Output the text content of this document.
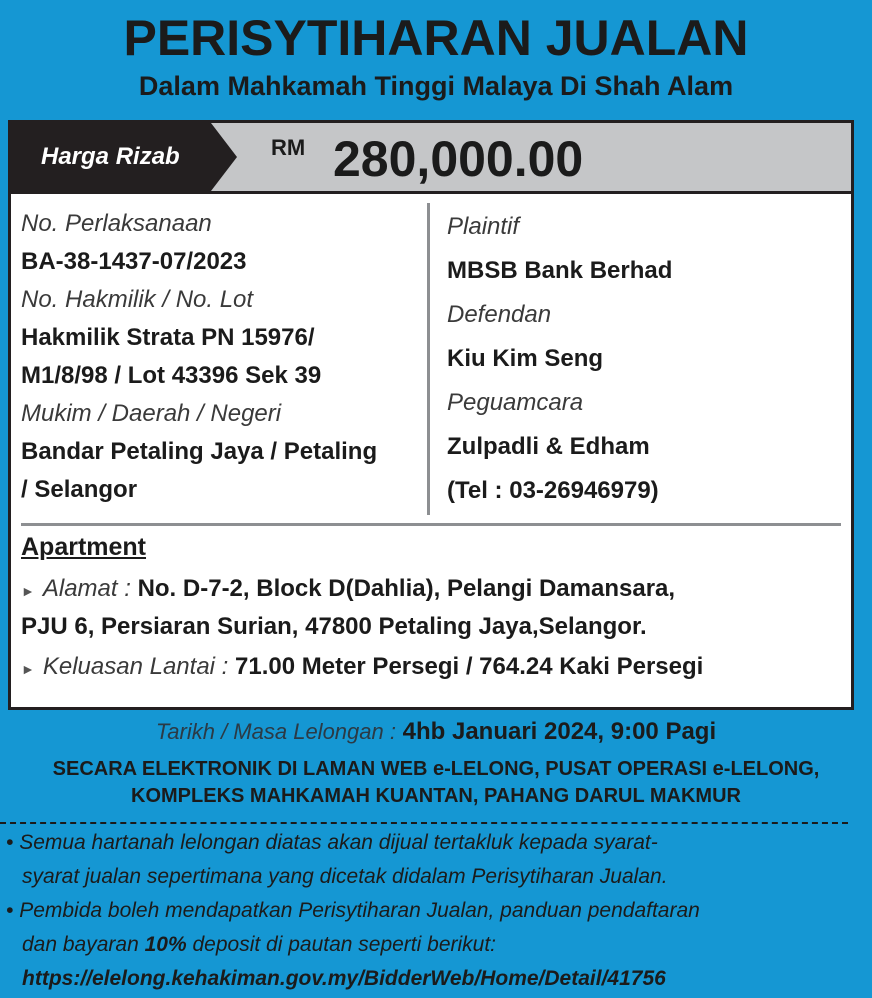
PERISYTIHARAN JUALAN
Dalam Mahkamah Tinggi Malaya Di Shah Alam
Harga Rizab	RM 280,000.00
No. Perlaksanaan
BA-38-1437-07/2023
No. Hakmilik / No. Lot
Hakmilik Strata PN 15976/
M1/8/98 / Lot 43396 Sek 39
Mukim / Daerah / Negeri
Bandar Petaling Jaya / Petaling
/ Selangor
Plaintif
MBSB Bank Berhad
Defendan
Kiu Kim Seng
Peguamcara
Zulpadli & Edham
(Tel : 03-26946979)
Apartment
► Alamat : No. D-7-2, Block D(Dahlia), Pelangi Damansara,
PJU 6, Persiaran Surian, 47800 Petaling Jaya,Selangor.
► Keluasan Lantai : 71.00 Meter Persegi / 764.24 Kaki Persegi
Tarikh / Masa Lelongan : 4hb Januari 2024, 9:00 Pagi
SECARA ELEKTRONIK DI LAMAN WEB e-LELONG, PUSAT OPERASI e-LELONG,
KOMPLEKS MAHKAMAH KUANTAN, PAHANG DARUL MAKMUR
• Semua hartanah lelongan diatas akan dijual tertakluk kepada syarat-
syarat jualan sepertimana yang dicetak didalam Perisytiharan Jualan.
• Pembida boleh mendapatkan Perisytiharan Jualan, panduan pendaftaran
dan bayaran 10% deposit di pautan seperti berikut:
https://elelong.kehakiman.gov.my/BidderWeb/Home/Detail/41756
